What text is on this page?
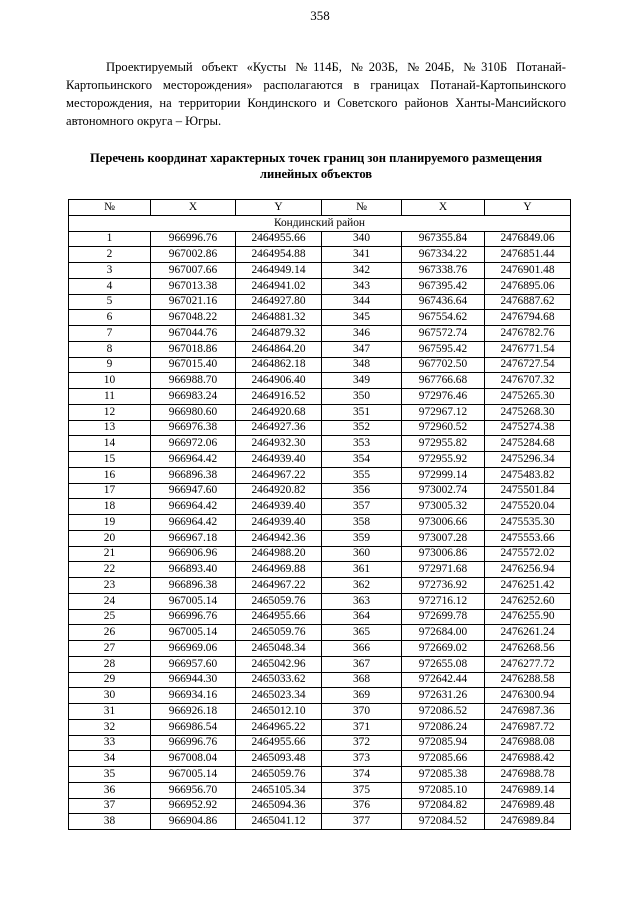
358

Проектируемый объект «Кусты №114Б, №203Б, №204Б, №310Б Потанай-Картопьинского месторождения» располагаются в границах Потанай-Картопьинского месторождения, на территории Кондинского и Советского районов Ханты-Мансийского автономного округа – Югры.

Перечень координат характерных точек границ зон планируемого размещения линейных объектов

№	X	Y	№	X	Y
Кондинский район					
1	966996.76	2464955.66	340	967355.84	2476849.06
2	967002.86	2464954.88	341	967334.22	2476851.44
3	967007.66	2464949.14	342	967338.76	2476901.48
4	967013.38	2464941.02	343	967395.42	2476895.06
5	967021.16	2464927.80	344	967436.64	2476887.62
6	967048.22	2464881.32	345	967554.62	2476794.68
7	967044.76	2464879.32	346	967572.74	2476782.76
8	967018.86	2464864.20	347	967595.42	2476771.54
9	967015.40	2464862.18	348	967702.50	2476727.54
10	966988.70	2464906.40	349	967766.68	2476707.32
11	966983.24	2464916.52	350	972976.46	2475265.30
12	966980.60	2464920.68	351	972967.12	2475268.30
13	966976.38	2464927.36	352	972960.52	2475274.38
14	966972.06	2464932.30	353	972955.82	2475284.68
15	966964.42	2464939.40	354	972955.92	2475296.34
16	966896.38	2464967.22	355	972999.14	2475483.82
17	966947.60	2464920.82	356	973002.74	2475501.84
18	966964.42	2464939.40	357	973005.32	2475520.04
19	966964.42	2464939.40	358	973006.66	2475535.30
20	966967.18	2464942.36	359	973007.28	2475553.66
21	966906.96	2464988.20	360	973006.86	2475572.02
22	966893.40	2464969.88	361	972971.68	2476256.94
23	966896.38	2464967.22	362	972736.92	2476251.42
24	967005.14	2465059.76	363	972716.12	2476252.60
25	966996.76	2464955.66	364	972699.78	2476255.90
26	967005.14	2465059.76	365	972684.00	2476261.24
27	966969.06	2465048.34	366	972669.02	2476268.56
28	966957.60	2465042.96	367	972655.08	2476277.72
29	966944.30	2465033.62	368	972642.44	2476288.58
30	966934.16	2465023.34	369	972631.26	2476300.94
31	966926.18	2465012.10	370	972086.52	2476987.36
32	966986.54	2464965.22	371	972086.24	2476987.72
33	966996.76	2464955.66	372	972085.94	2476988.08
34	967008.04	2465093.48	373	972085.66	2476988.42
35	967005.14	2465059.76	374	972085.38	2476988.78
36	966956.70	2465105.34	375	972085.10	2476989.14
37	966952.92	2465094.36	376	972084.82	2476989.48
38	966904.86	2465041.12	377	972084.52	2476989.84
